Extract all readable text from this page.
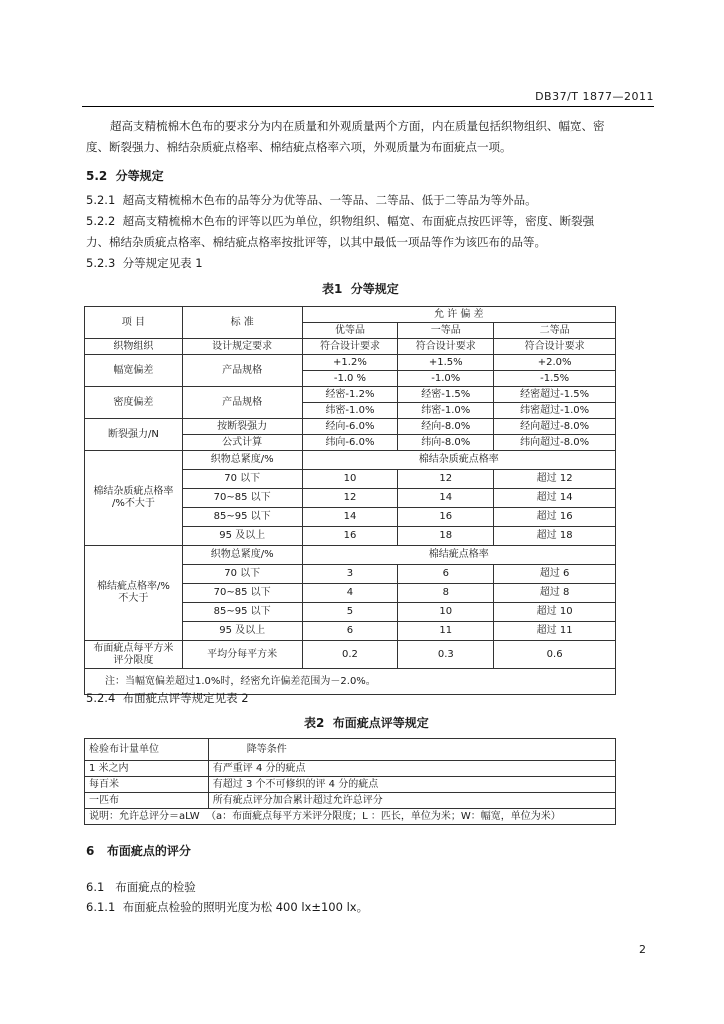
DB37/T 1877—2011
超高支精梳棉木色布的要求分为内在质量和外观质量两个方面，内在质量包括织物组织、幅宽、密
度、断裂强力、棉结杂质疵点格率、棉结疵点格率六项，外观质量为布面疵点一项。
5.2 分等规定
5.2.1 超高支精梳棉木色布的品等分为优等品、一等品、二等品、低于二等品为等外品。
5.2.2 超高支精梳棉木色布的评等以匹为单位，织物组织、幅宽、布面疵点按匹评等，密度、断裂强
力、棉结杂质疵点格率、棉结疵点格率按批评等，以其中最低一项品等作为该匹布的品等。
5.2.3 分等规定见表 1
表1 分等规定
项 目	标 准	允 许 偏 差		
		优等品	一等品	二等品
织物组织	设计规定要求	符合设计要求	符合设计要求	符合设计要求
幅宽偏差	产品规格	+1.2%	+1.5%	+2.0%
		-1.0 %	-1.0%	-1.5%
密度偏差	产品规格	经密-1.2%	经密-1.5%	经密超过-1.5%
		纬密-1.0%	纬密-1.0%	纬密超过-1.0%
断裂强力/N	按断裂强力	经向-6.0%	经向-8.0%	经向超过-8.0%
	公式计算	纬向-6.0%	纬向-8.0%	纬向超过-8.0%

棉结杂质疵点格率
/%不大于	织物总紧度/%	棉结杂质疵点格率		
	70 以下	10	12	超过 12
	70~85 以下	12	14	超过 14
	85~95 以下	14	16	超过 16
	95 及以上	16	18	超过 18

棉结疵点格率/%
不大于	织物总紧度/%	棉结疵点格率		
	70 以下	3	6	超过 6
	70~85 以下	4	8	超过 8
	85~95 以下	5	10	超过 10
	95 及以上	6	11	超过 11

布面疵点每平方米
评分限度	平均分每平方米	0.2	0.3	0.6
注：当幅宽偏差超过1.0%时，经密允许偏差范围为－2.0%。				
5.2.4 布面疵点评等规定见表 2
表2 布面疵点评等规定
检验布计量单位	降等条件
1 米之内	有严重评 4 分的疵点
每百米	有超过 3 个不可修织的评 4 分的疵点
一匹布	所有疵点评分加合累计超过允许总评分
说明：允许总评分＝aLW （a：布面疵点每平方米评分限度；L ：匹长，单位为米；W：幅宽，单位为米）	
6 布面疵点的评分
6.1 布面疵点的检验
6.1.1 布面疵点检验的照明光度为松 400 lx±100 lx。
2
